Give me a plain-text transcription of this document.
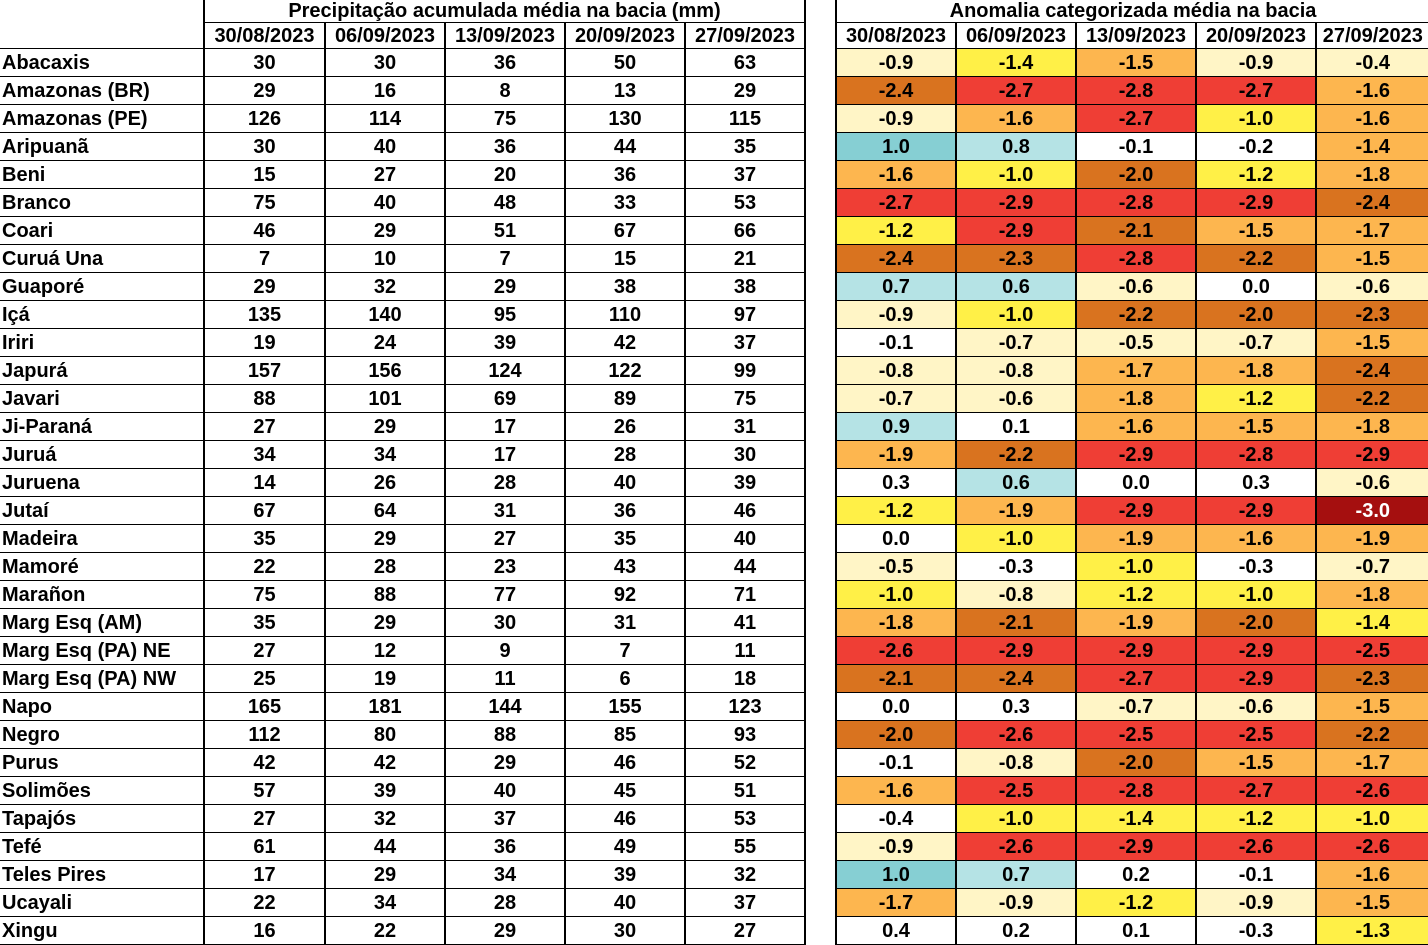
	Precipitação acumulada média na bacia (mm)				
	30/08/2023	06/09/2023	13/09/2023	20/09/2023	27/09/2023
Abacaxis	30	30	36	50	63
Amazonas (BR)	29	16	8	13	29
Amazonas (PE)	126	114	75	130	115
Aripuanã	30	40	36	44	35
Beni	15	27	20	36	37
Branco	75	40	48	33	53
Coari	46	29	51	67	66
Curuá Una	7	10	7	15	21
Guaporé	29	32	29	38	38
Içá	135	140	95	110	97
Iriri	19	24	39	42	37
Japurá	157	156	124	122	99
Javari	88	101	69	89	75
Ji-Paraná	27	29	17	26	31
Juruá	34	34	17	28	30
Juruena	14	26	28	40	39
Jutaí	67	64	31	36	46
Madeira	35	29	27	35	40
Mamoré	22	28	23	43	44
Marañon	75	88	77	92	71
Marg Esq (AM)	35	29	30	31	41
Marg Esq (PA) NE	27	12	9	7	11
Marg Esq (PA) NW	25	19	11	6	18
Napo	165	181	144	155	123
Negro	112	80	88	85	93
Purus	42	42	29	46	52
Solimões	57	39	40	45	51
Tapajós	27	32	37	46	53
Tefé	61	44	36	49	55
Teles Pires	17	29	34	39	32
Ucayali	22	34	28	40	37
Xingu	16	22	29	30	27
Anomalia categorizada média na bacia				
30/08/2023	06/09/2023	13/09/2023	20/09/2023	27/09/2023
-0.9	-1.4	-1.5	-0.9	-0.4
-2.4	-2.7	-2.8	-2.7	-1.6
-0.9	-1.6	-2.7	-1.0	-1.6
1.0	0.8	-0.1	-0.2	-1.4
-1.6	-1.0	-2.0	-1.2	-1.8
-2.7	-2.9	-2.8	-2.9	-2.4
-1.2	-2.9	-2.1	-1.5	-1.7
-2.4	-2.3	-2.8	-2.2	-1.5
0.7	0.6	-0.6	0.0	-0.6
-0.9	-1.0	-2.2	-2.0	-2.3
-0.1	-0.7	-0.5	-0.7	-1.5
-0.8	-0.8	-1.7	-1.8	-2.4
-0.7	-0.6	-1.8	-1.2	-2.2
0.9	0.1	-1.6	-1.5	-1.8
-1.9	-2.2	-2.9	-2.8	-2.9
0.3	0.6	0.0	0.3	-0.6
-1.2	-1.9	-2.9	-2.9	-3.0
0.0	-1.0	-1.9	-1.6	-1.9
-0.5	-0.3	-1.0	-0.3	-0.7
-1.0	-0.8	-1.2	-1.0	-1.8
-1.8	-2.1	-1.9	-2.0	-1.4
-2.6	-2.9	-2.9	-2.9	-2.5
-2.1	-2.4	-2.7	-2.9	-2.3
0.0	0.3	-0.7	-0.6	-1.5
-2.0	-2.6	-2.5	-2.5	-2.2
-0.1	-0.8	-2.0	-1.5	-1.7
-1.6	-2.5	-2.8	-2.7	-2.6
-0.4	-1.0	-1.4	-1.2	-1.0
-0.9	-2.6	-2.9	-2.6	-2.6
1.0	0.7	0.2	-0.1	-1.6
-1.7	-0.9	-1.2	-0.9	-1.5
0.4	0.2	0.1	-0.3	-1.3
